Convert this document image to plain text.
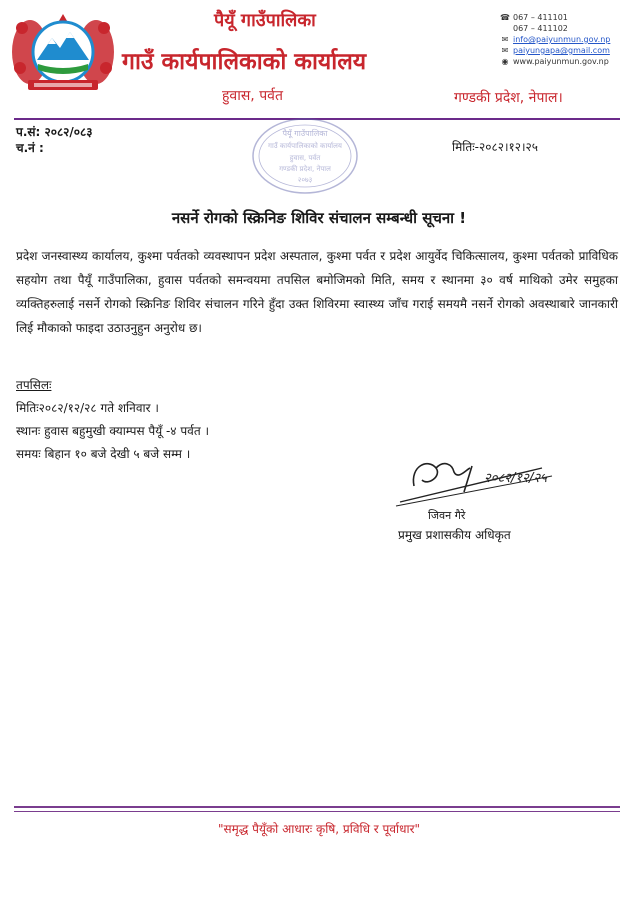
पैयूँ गाउँपालिका
गाउँ कार्यपालिकाको कार्यालय
हुवास, पर्वत	गण्डकी प्रदेश, नेपाल।
☎ 067 – 411101
067 – 411102
✉ info@paiyunmun.gov.np
✉ paiyungapa@gmail.com
◉ www.paiyunmun.gov.np
प.सं: २०८२/०८३
च.नं :
पैयूँ गाउँपालिका
गाउँ कार्यपालिकाको कार्यालय
हुवास, पर्वत
गण्डकी प्रदेश, नेपाल
२०७३
मितिः-२०८२।१२।२५
नसर्ने रोगको स्क्रिनिङ शिविर संचालन सम्बन्धी सूचना !
प्रदेश जनस्वास्थ्य कार्यालय, कुश्मा पर्वतको व्यवस्थापन प्रदेश अस्पताल, कुश्मा पर्वत र प्रदेश आयुर्वेद चिकित्सालय, कुश्मा पर्वतको प्राविधिक सहयोग तथा पैयूँ गाउँपालिका, हुवास पर्वतको समन्वयमा तपसिल बमोजिमको मिति, समय र स्थानमा ३० वर्ष माथिको उमेर समुहका व्यक्तिहरुलाई नसर्ने रोगको स्क्रिनिङ शिविर संचालन गरिने हुँदा उक्त शिविरमा स्वास्थ्य जाँच गराई समयमै नसर्ने रोगको अवस्थाबारे जानकारी लिई मौकाको फाइदा उठाउनुहुन अनुरोध छ।
तपसिलः
मितिः२०८२/१२/२८ गते शनिवार ।
स्थानः हुवास बहुमुखी क्याम्पस पैयूँ -४ पर्वत ।
समयः बिहान १० बजे देखी ५ बजे सम्म ।
२०८२/१२/२५
जिवन गैरे
प्रमुख प्रशासकीय अधिकृत
"समृद्ध पैयूँको आधारः कृषि, प्रविधि र पूर्वाधार"
